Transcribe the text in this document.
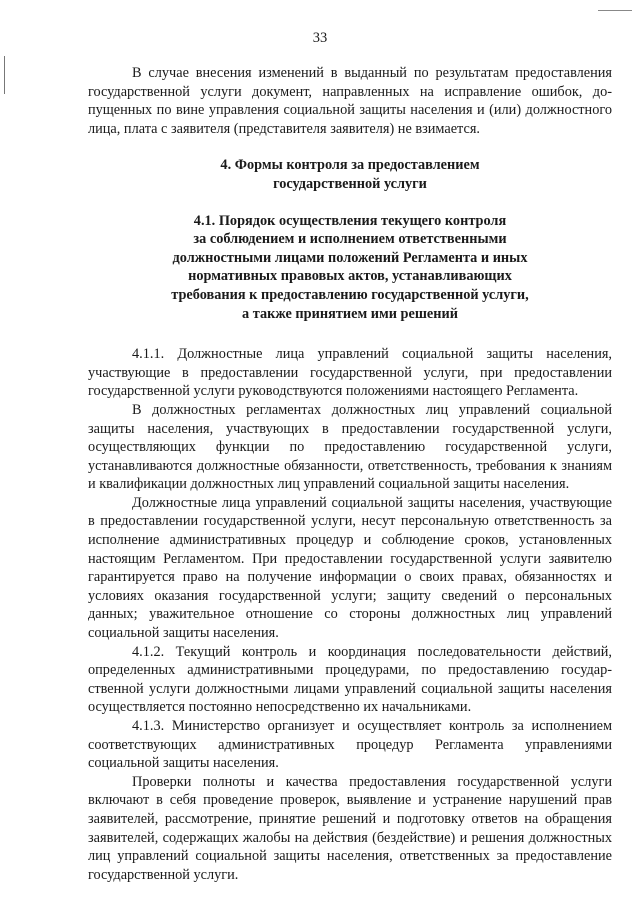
33

В случае внесения изменений в выданный по результатам предоставления государственной услуги документ, направленных на исправление ошибок, допущенных по вине управления социальной защиты населения и (или) должностного лица, плата с заявителя (представителя заявителя) не взимается.

4. Формы контроля за предоставлением

государственной услуги

4.1. Порядок осуществления текущего контроля

за соблюдением и исполнением ответственными

должностными лицами положений Регламента и иных

нормативных правовых актов, устанавливающих

требования к предоставлению государственной услуги,

а также принятием ими решений

4.1.1. Должностные лица управлений социальной защиты населения, участвующие в предоставлении государственной услуги, при предоставлении государственной услуги руководствуются положениями настоящего Регламента.

В должностных регламентах должностных лиц управлений социальной защиты населения, участвующих в предоставлении государственной услуги, осуществляющих функции по предоставлению государственной услуги, устанавливаются должностные обязанности, ответственность, требования к знаниям и квалификации должностных лиц управлений социальной защиты населения.

Должностные лица управлений социальной защиты населения, участвующие в предоставлении государственной услуги, несут персональную ответственность за исполнение административных процедур и соблюдение сроков, установленных настоящим Регламентом. При предоставлении государственной услуги заявителю гарантируется право на получение информации о своих правах, обязанностях и условиях оказания государственной услуги; защиту сведений о персональных данных; уважительное отношение со стороны должностных лиц управлений социальной защиты населения.

4.1.2. Текущий контроль и координация последовательности действий, определенных административными процедурами, по предоставлению государственной услуги должностными лицами управлений социальной защиты населения осуществляется постоянно непосредственно их начальниками.

4.1.3. Министерство организует и осуществляет контроль за исполнением соответствующих административных процедур Регламента управлениями социальной защиты населения.

Проверки полноты и качества предоставления государственной услуги включают в себя проведение проверок, выявление и устранение нарушений прав заявителей, рассмотрение, принятие решений и подготовку ответов на обращения заявителей, содержащих жалобы на действия (бездействие) и решения должностных лиц управлений социальной защиты населения, ответственных за предоставление государственной услуги.
